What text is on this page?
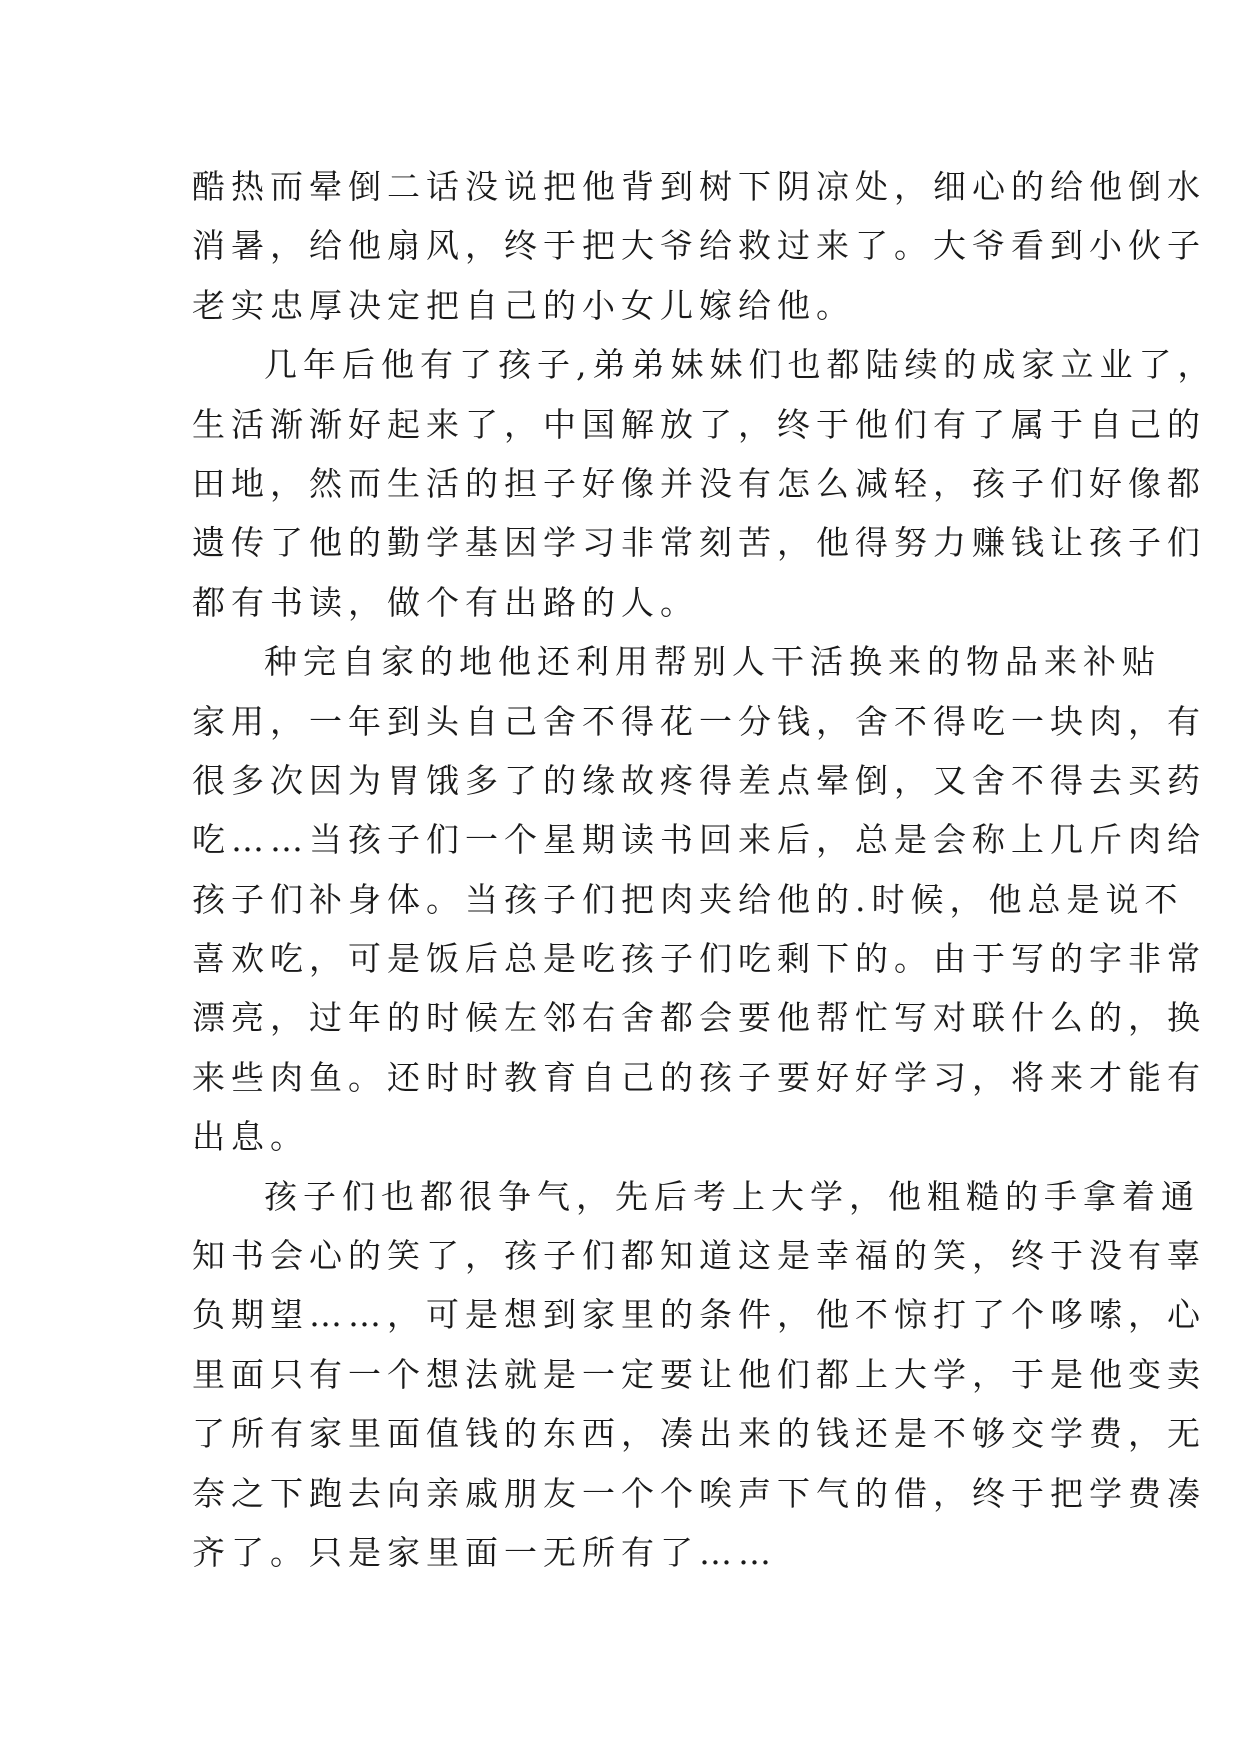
酷热而晕倒二话没说把他背到树下阴凉处，细心的给他倒水
消暑，给他扇风，终于把大爷给救过来了。大爷看到小伙子
老实忠厚决定把自己的小女儿嫁给他。

几年后他有了孩子,弟弟妹妹们也都陆续的成家立业了，
生活渐渐好起来了，中国解放了，终于他们有了属于自己的
田地，然而生活的担子好像并没有怎么减轻，孩子们好像都
遗传了他的勤学基因学习非常刻苦，他得努力赚钱让孩子们
都有书读，做个有出路的人。

种完自家的地他还利用帮别人干活换来的物品来补贴
家用，一年到头自己舍不得花一分钱，舍不得吃一块肉，有
很多次因为胃饿多了的缘故疼得差点晕倒，又舍不得去买药
吃……当孩子们一个星期读书回来后，总是会称上几斤肉给
孩子们补身体。当孩子们把肉夹给他的.时候，他总是说不
喜欢吃，可是饭后总是吃孩子们吃剩下的。由于写的字非常
漂亮，过年的时候左邻右舍都会要他帮忙写对联什么的，换
来些肉鱼。还时时教育自己的孩子要好好学习，将来才能有
出息。

孩子们也都很争气，先后考上大学，他粗糙的手拿着通
知书会心的笑了，孩子们都知道这是幸福的笑，终于没有辜
负期望……，可是想到家里的条件，他不惊打了个哆嗦，心
里面只有一个想法就是一定要让他们都上大学，于是他变卖
了所有家里面值钱的东西，凑出来的钱还是不够交学费，无
奈之下跑去向亲戚朋友一个个唉声下气的借，终于把学费凑
齐了。只是家里面一无所有了……
